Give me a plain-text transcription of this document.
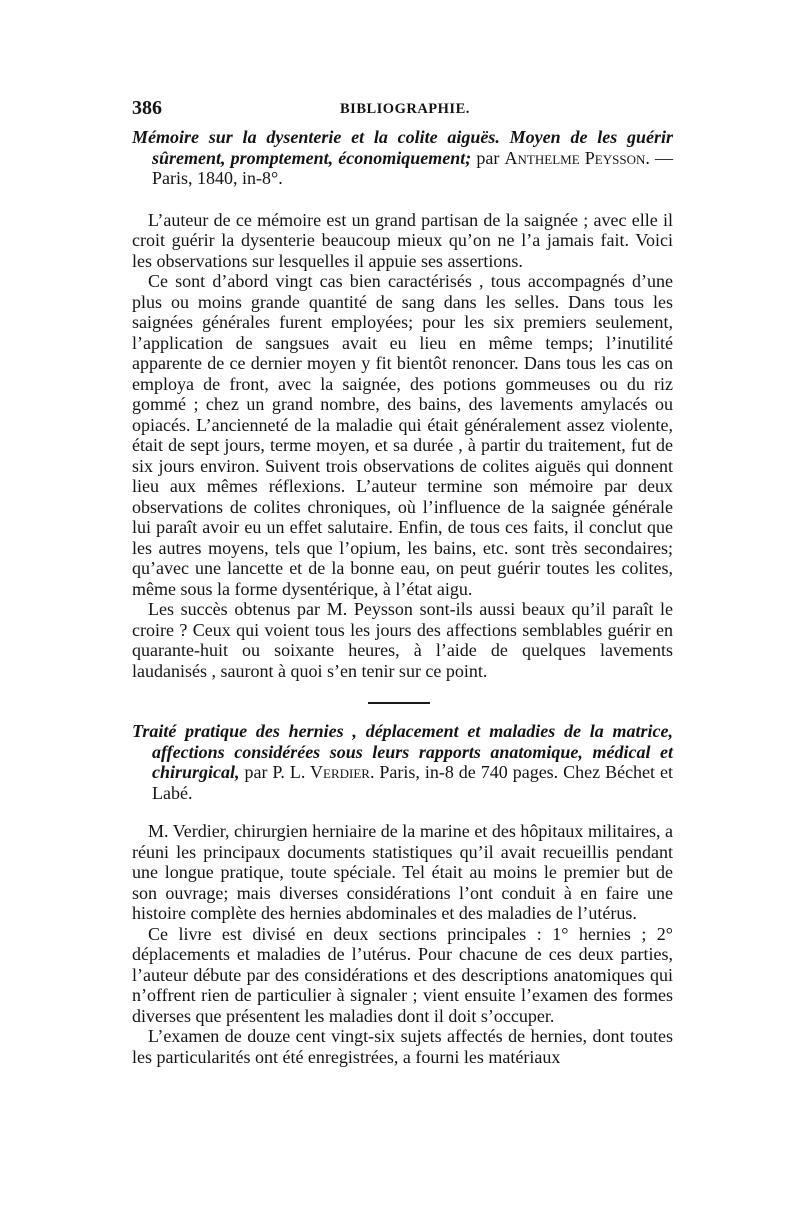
386	BIBLIOGRAPHIE.

Mémoire sur la dysenterie et la colite aiguës. Moyen de les guérir sûrement, promptement, économiquement; par Anthelme Peysson. — Paris, 1840, in-8°.

L’auteur de ce mémoire est un grand partisan de la saignée ; avec elle il croit guérir la dysenterie beaucoup mieux qu’on ne l’a jamais fait. Voici les observations sur lesquelles il appuie ses assertions.

Ce sont d’abord vingt cas bien caractérisés , tous accompagnés d’une plus ou moins grande quantité de sang dans les selles. Dans tous les saignées générales furent employées; pour les six premiers seulement, l’application de sangsues avait eu lieu en même temps; l’inutilité apparente de ce dernier moyen y fit bientôt renoncer. Dans tous les cas on employa de front, avec la saignée, des potions gommeuses ou du riz gommé ; chez un grand nombre, des bains, des lavements amylacés ou opiacés. L’ancienneté de la maladie qui était généralement assez violente, était de sept jours, terme moyen, et sa durée , à partir du traitement, fut de six jours environ. Suivent trois observations de colites aiguës qui donnent lieu aux mêmes réflexions. L’auteur termine son mémoire par deux observations de colites chroniques, où l’influence de la saignée générale lui paraît avoir eu un effet salutaire. Enfin, de tous ces faits, il conclut que les autres moyens, tels que l’opium, les bains, etc. sont très secondaires; qu’avec une lancette et de la bonne eau, on peut guérir toutes les colites, même sous la forme dysentérique, à l’état aigu.

Les succès obtenus par M. Peysson sont-ils aussi beaux qu’il paraît le croire ? Ceux qui voient tous les jours des affections semblables guérir en quarante-huit ou soixante heures, à l’aide de quelques lavements laudanisés , sauront à quoi s’en tenir sur ce point.

Traité pratique des hernies , déplacement et maladies de la matrice, affections considérées sous leurs rapports anatomique, médical et chirurgical, par P. L. Verdier. Paris, in-8 de 740 pages. Chez Béchet et Labé.

M. Verdier, chirurgien herniaire de la marine et des hôpitaux militaires, a réuni les principaux documents statistiques qu’il avait recueillis pendant une longue pratique, toute spéciale. Tel était au moins le premier but de son ouvrage; mais diverses considérations l’ont conduit à en faire une histoire complète des hernies abdominales et des maladies de l’utérus.

Ce livre est divisé en deux sections principales : 1° hernies ; 2° déplacements et maladies de l’utérus. Pour chacune de ces deux parties, l’auteur débute par des considérations et des descriptions anatomiques qui n’offrent rien de particulier à signaler ; vient ensuite l’examen des formes diverses que présentent les maladies dont il doit s’occuper.

L’examen de douze cent vingt-six sujets affectés de hernies, dont toutes les particularités ont été enregistrées, a fourni les matériaux
